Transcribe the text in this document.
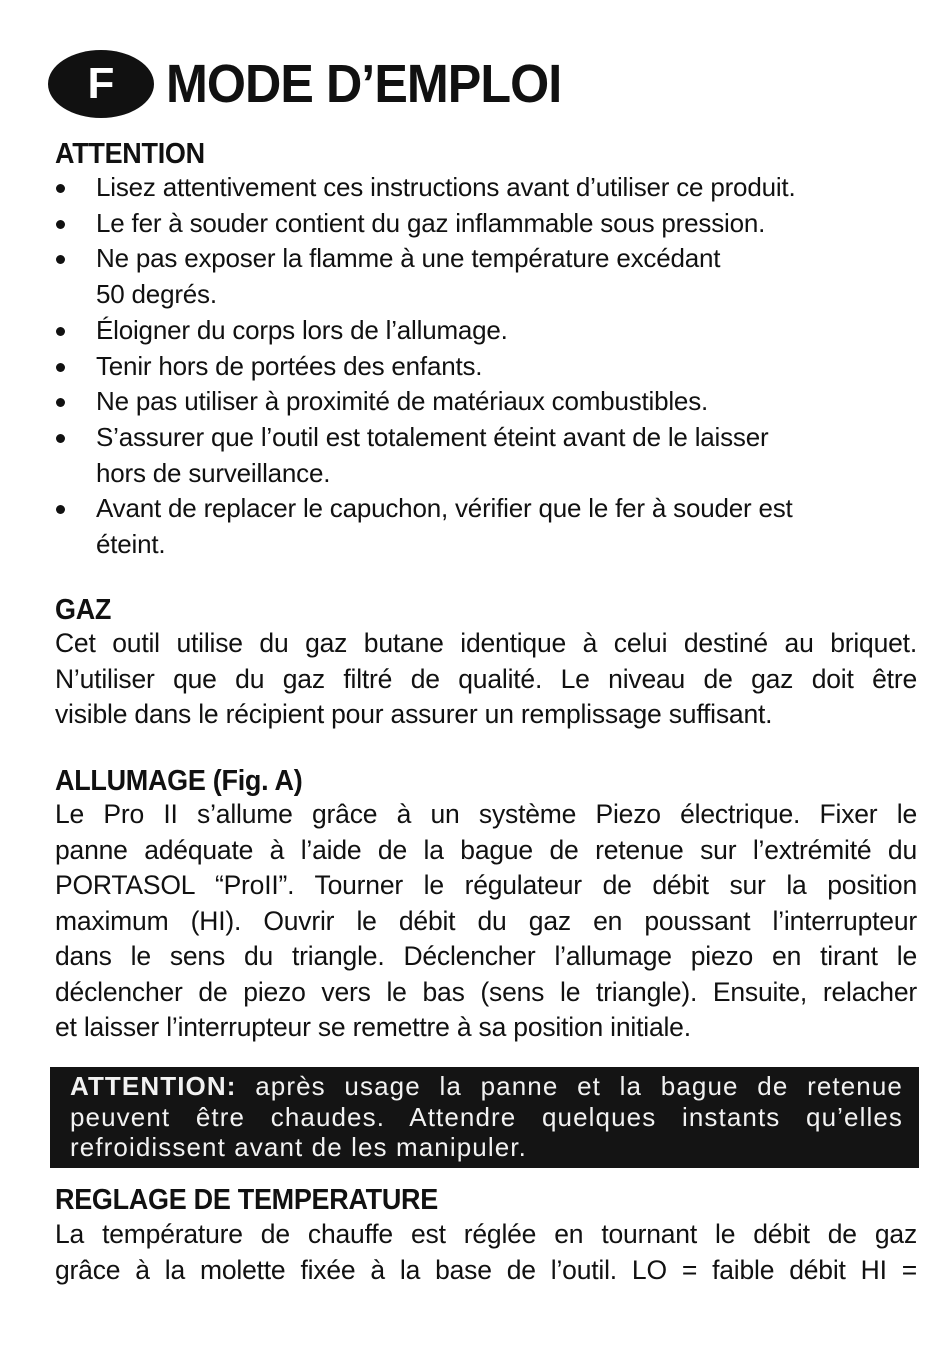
F MODE D’EMPLOI
ATTENTION
Lisez attentivement ces instructions avant d’utiliser ce produit.
Le fer à souder contient du gaz inflammable sous pression.
Ne pas exposer la flamme à une température excédant
50 degrés.
Éloigner du corps lors de l’allumage.
Tenir hors de portées des enfants.
Ne pas utiliser à proximité de matériaux combustibles.
S’assurer que l’outil est totalement éteint avant de le laisser
hors de surveillance.
Avant de replacer le capuchon, vérifier que le fer à souder est
éteint.
GAZ
Cet outil utilise du gaz butane identique à celui destiné au briquet.
N’utiliser que du gaz filtré de qualité. Le niveau de gaz doit être
visible dans le récipient pour assurer un remplissage suffisant.
ALLUMAGE (Fig. A)
Le Pro II s’allume grâce à un système Piezo électrique. Fixer le
panne adéquate à l’aide de la bague de retenue sur l’extrémité du
PORTASOL “ProII”. Tourner le régulateur de débit sur la position
maximum (HI). Ouvrir le débit du gaz en poussant l’interrupteur
dans le sens du triangle. Déclencher l’allumage piezo en tirant le
déclencher de piezo vers le bas (sens le triangle). Ensuite, relacher
et laisser l’interrupteur se remettre à sa position initiale.
ATTENTION: après usage la panne et la bague de retenue
peuvent être chaudes. Attendre quelques instants qu’elles
refroidissent avant de les manipuler.
REGLAGE DE TEMPERATURE
La température de chauffe est réglée en tournant le débit de gaz
grâce à la molette fixée à la base de l’outil. LO = faible débit HI =
